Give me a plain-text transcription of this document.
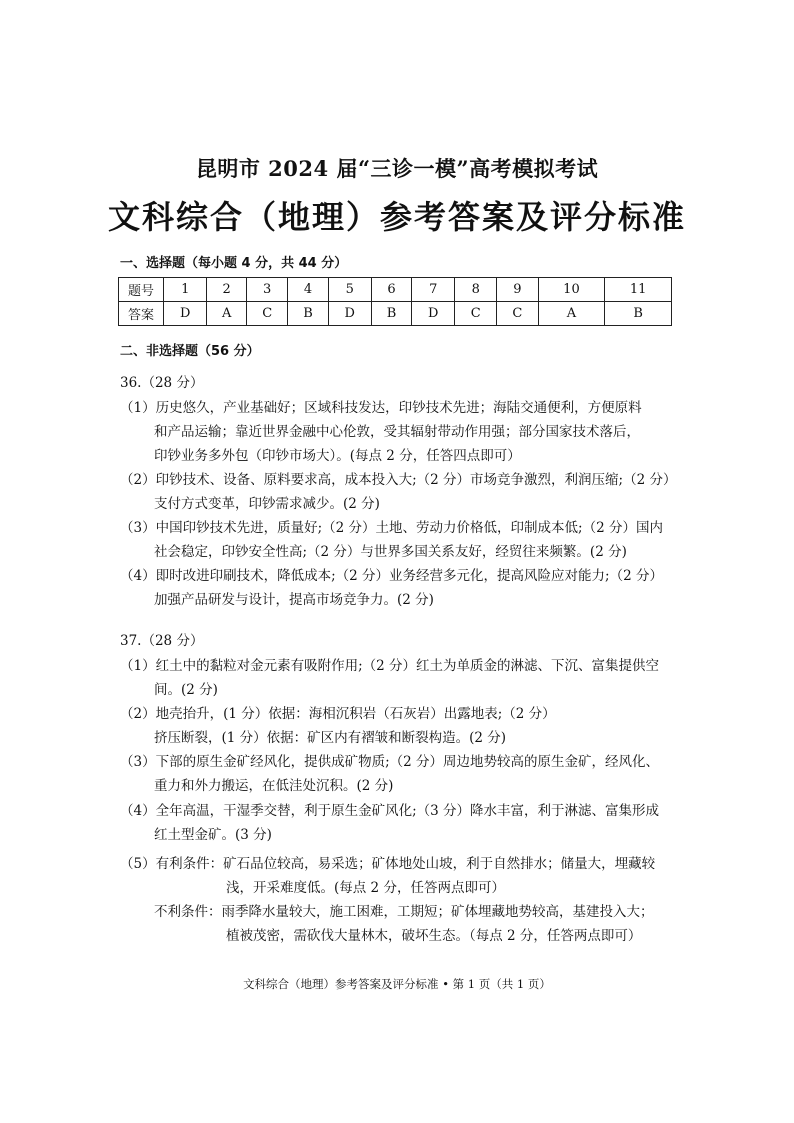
昆明市 2024 届“三诊一模”高考模拟考试
文科综合（地理）参考答案及评分标准
一、选择题（每小题 4 分，共 44 分）
题号	1	2	3	4	5	6	7	8	9	10	11
答案	D	A	C	B	D	B	D	C	C	A	B
二、非选择题（56 分）
36.（28 分）
（1）历史悠久，产业基础好；区域科技发达，印钞技术先进；海陆交通便利，方便原料
和产品运输；靠近世界金融中心伦敦，受其辐射带动作用强；部分国家技术落后，
印钞业务多外包（印钞市场大）。(每点 2 分，任答四点即可）
（2）印钞技术、设备、原料要求高，成本投入大;（2 分）市场竞争激烈，利润压缩;（2 分）
支付方式变革，印钞需求减少。(2 分)
（3）中国印钞技术先进，质量好;（2 分）土地、劳动力价格低，印制成本低;（2 分）国内
社会稳定，印钞安全性高;（2 分）与世界多国关系友好，经贸往来频繁。(2 分)
（4）即时改进印刷技术，降低成本;（2 分）业务经营多元化，提高风险应对能力;（2 分）
加强产品研发与设计，提高市场竞争力。(2 分)
37.（28 分）
（1）红土中的黏粒对金元素有吸附作用;（2 分）红土为单质金的淋滤、下沉、富集提供空
间。(2 分)
（2）地壳抬升，(1 分）依据：海相沉积岩（石灰岩）出露地表;（2 分）
挤压断裂，(1 分）依据：矿区内有褶皱和断裂构造。(2 分)
（3）下部的原生金矿经风化，提供成矿物质;（2 分）周边地势较高的原生金矿，经风化、
重力和外力搬运，在低洼处沉积。(2 分)
（4）全年高温，干湿季交替，利于原生金矿风化;（3 分）降水丰富，利于淋滤、富集形成
红土型金矿。(3 分)
（5）有利条件：矿石品位较高，易采选；矿体地处山坡，利于自然排水；储量大，埋藏较
浅，开采难度低。(每点 2 分，任答两点即可）
不利条件：雨季降水量较大，施工困难，工期短；矿体埋藏地势较高，基建投入大；
植被茂密，需砍伐大量林木，破坏生态。（每点 2 分，任答两点即可）
文科综合（地理）参考答案及评分标准 • 第 1 页（共 1 页）
